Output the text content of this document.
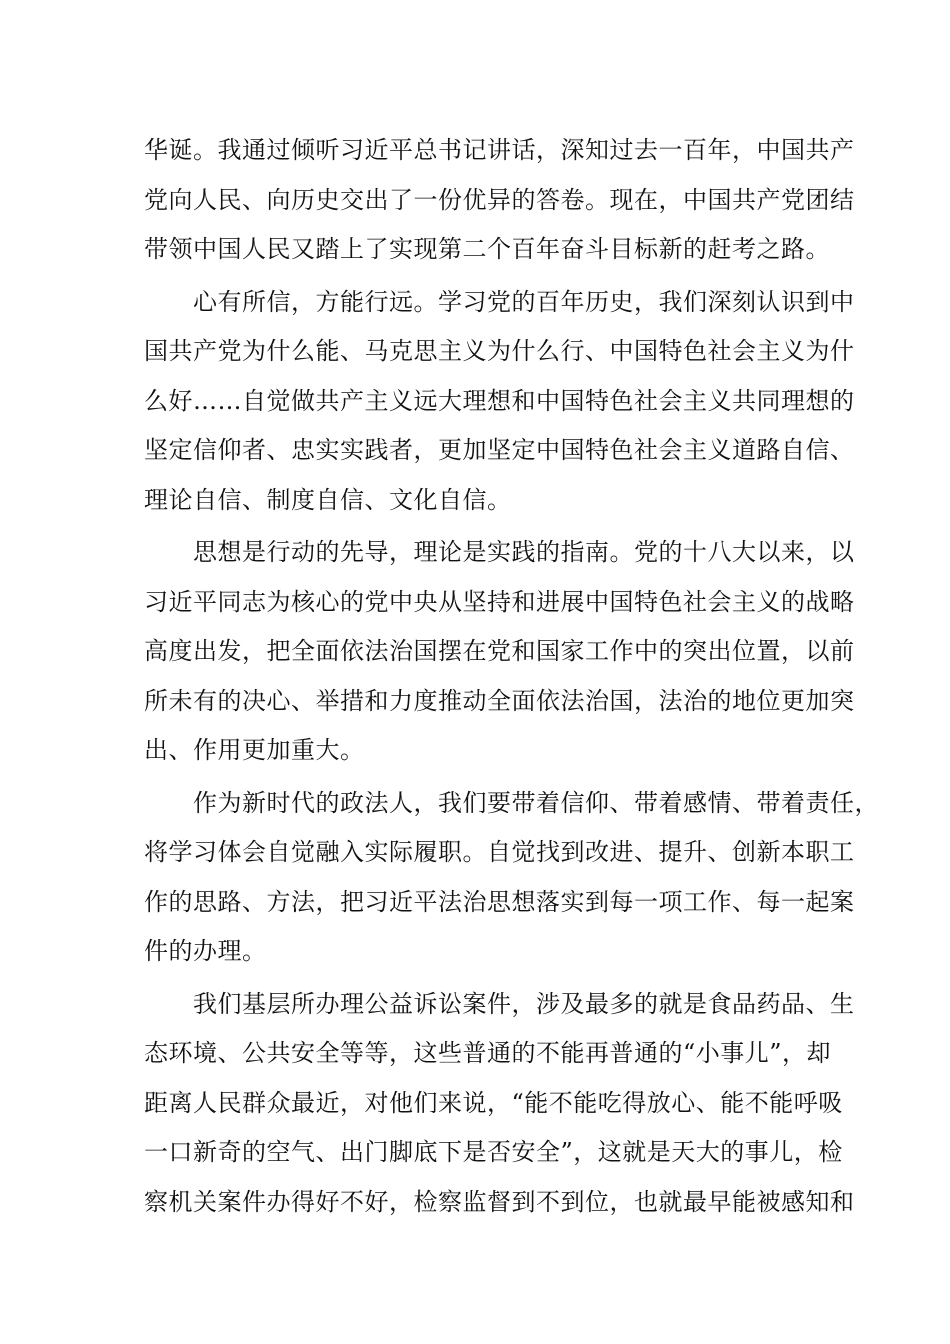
华诞。我通过倾听习近平总书记讲话，深知过去一百年，中国共产
党向人民、向历史交出了一份优异的答卷。现在，中国共产党团结
带领中国人民又踏上了实现第二个百年奋斗目标新的赶考之路。
　　心有所信，方能行远。学习党的百年历史，我们深刻认识到中
国共产党为什么能、马克思主义为什么行、中国特色社会主义为什
么好……自觉做共产主义远大理想和中国特色社会主义共同理想的
坚定信仰者、忠实实践者，更加坚定中国特色社会主义道路自信、
理论自信、制度自信、文化自信。
　　思想是行动的先导，理论是实践的指南。党的十八大以来，以
习近平同志为核心的党中央从坚持和进展中国特色社会主义的战略
高度出发，把全面依法治国摆在党和国家工作中的突出位置，以前
所未有的决心、举措和力度推动全面依法治国，法治的地位更加突
出、作用更加重大。
　　作为新时代的政法人，我们要带着信仰、带着感情、带着责任，
将学习体会自觉融入实际履职。自觉找到改进、提升、创新本职工
作的思路、方法，把习近平法治思想落实到每一项工作、每一起案
件的办理。
　　我们基层所办理公益诉讼案件，涉及最多的就是食品药品、生
态环境、公共安全等等，这些普通的不能再普通的“小事儿”，却
距离人民群众最近，对他们来说，“能不能吃得放心、能不能呼吸
一口新奇的空气、出门脚底下是否安全”，这就是天大的事儿，检
察机关案件办得好不好，检察监督到不到位，也就最早能被感知和
